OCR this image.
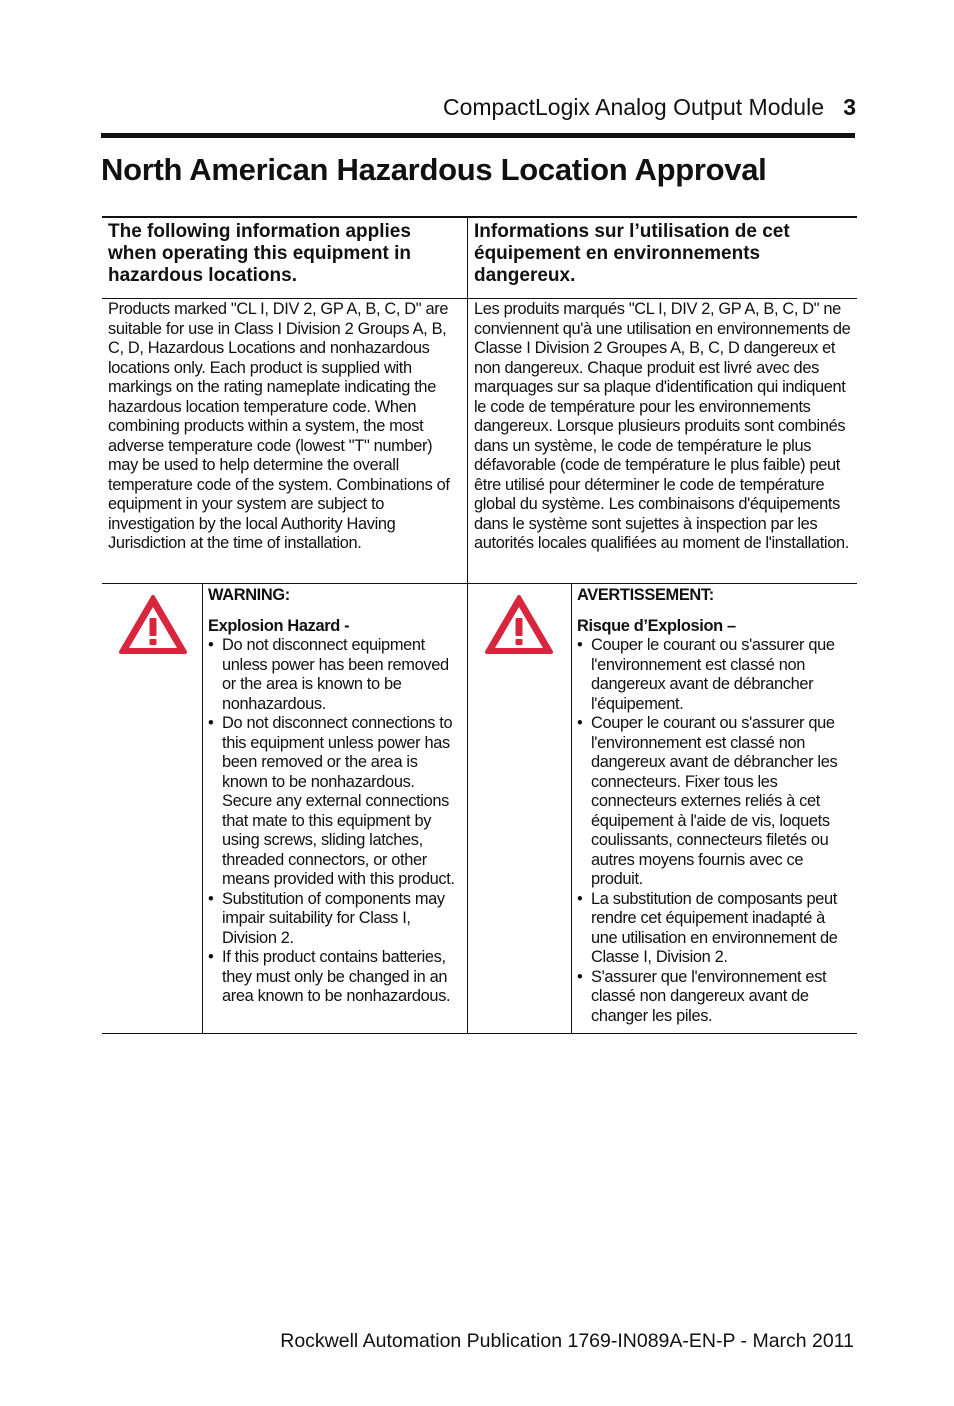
CompactLogix Analog Output Module 3
North American Hazardous Location Approval
The following information applies when operating this equipment in hazardous locations.
Informations sur l’utilisation de cet équipement en environnements dangereux.
Products marked "CL I, DIV 2, GP A, B, C, D" are suitable for use in Class I Division 2 Groups A, B, C, D, Hazardous Locations and nonhazardous locations only. Each product is supplied with markings on the rating nameplate indicating the hazardous location temperature code. When combining products within a system, the most adverse temperature code (lowest "T" number) may be used to help determine the overall temperature code of the system. Combinations of equipment in your system are subject to investigation by the local Authority Having Jurisdiction at the time of installation.
Les produits marqués "CL I, DIV 2, GP A, B, C, D" ne conviennent qu'à une utilisation en environnements de Classe I Division 2 Groupes A, B, C, D dangereux et non dangereux. Chaque produit est livré avec des marquages sur sa plaque d'identification qui indiquent le code de température pour les environnements dangereux. Lorsque plusieurs produits sont combinés dans un système, le code de température le plus défavorable (code de température le plus faible) peut être utilisé pour déterminer le code de température global du système. Les combinaisons d'équipements dans le système sont sujettes à inspection par les autorités locales qualifiées au moment de l'installation.
WARNING:
Explosion Hazard -
• Do not disconnect equipment unless power has been removed or the area is known to be nonhazardous.
• Do not disconnect connections to this equipment unless power has been removed or the area is known to be nonhazardous. Secure any external connections that mate to this equipment by using screws, sliding latches, threaded connectors, or other means provided with this product.
• Substitution of components may impair suitability for Class I, Division 2.
• If this product contains batteries, they must only be changed in an area known to be nonhazardous.
AVERTISSEMENT:
Risque d’Explosion –
• Couper le courant ou s'assurer que l'environnement est classé non dangereux avant de débrancher l'équipement.
• Couper le courant ou s'assurer que l'environnement est classé non dangereux avant de débrancher les connecteurs. Fixer tous les connecteurs externes reliés à cet équipement à l'aide de vis, loquets coulissants, connecteurs filetés ou autres moyens fournis avec ce produit.
• La substitution de composants peut rendre cet équipement inadapté à une utilisation en environnement de Classe I, Division 2.
• S'assurer que l'environnement est classé non dangereux avant de changer les piles.
Rockwell Automation Publication 1769-IN089A-EN-P - March 2011
